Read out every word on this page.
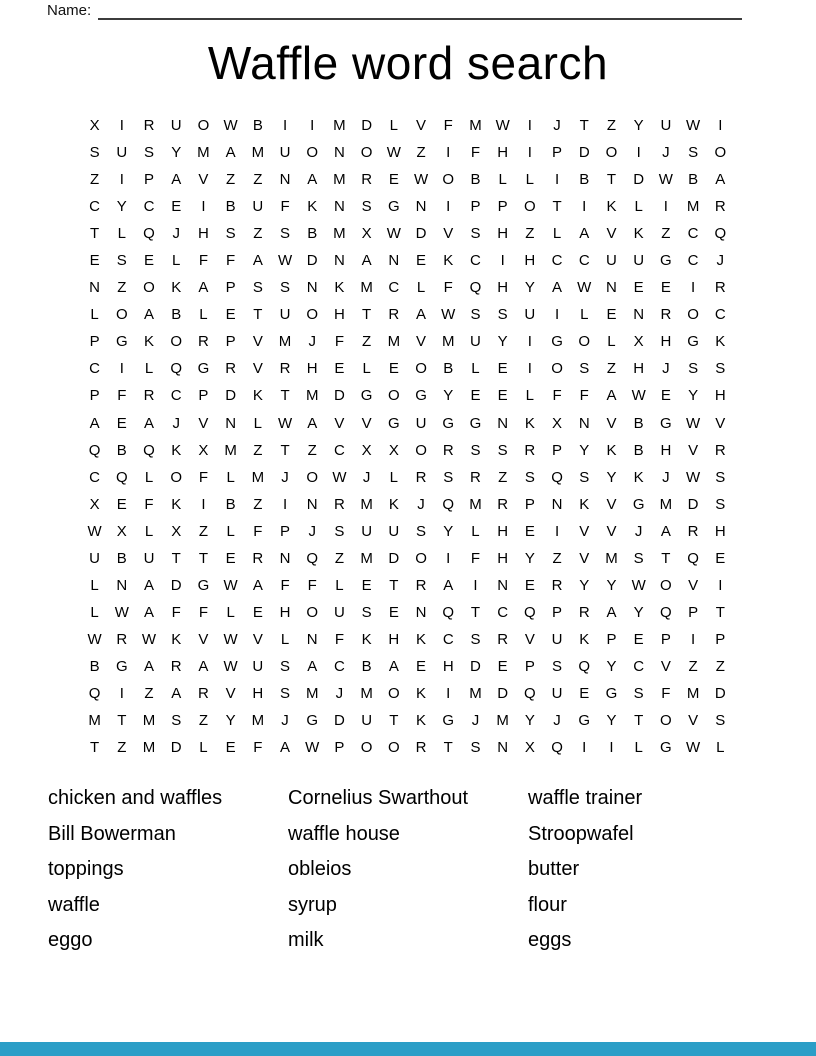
Name:
Waffle word search
X	I	R	U	O W	B	I	I	M	D	L	V	F	M W	I	J	T	Z	Y	U W	I
S	U	S	Y	M	A	M	U	O	N	O W	Z	I	F	H	I	P	D	O	I	J	S	O
Z	I	P	A	V	Z	Z	N	A	M	R	E	W O	B	L	L	I	B	T	D W	B	A
C	Y	C	E	I	B	U	F	K	N	S	G	N	I	P	P	O	T	I	K	L	I	M	R
T	L	Q	J	H	S	Z	S	B	M	X	W D	V	S	H	Z	L	A	V	K	Z	C	Q
E	S	E	L	F	F	A	W D	N	A	N	E	K	C	I	H	C	C	U	U	G	C	J
N	Z	O	K	A	P	S	S	N	K	M	C	L	F	Q	H	Y	A	W N	E	E	I	R
L	O	A	B	L	E	T	U	O	H	T	R	A	W	S	S	U	I	L	E	N	R	O	C
P	G	K	O	R	P	V	M	J	F	Z	M	V	M	U	Y	I	G	O	L	X	H	G	K
C	I	L	Q	G	R	V	R	H	E	L	E	O	B	L	E	I	O	S	Z	H	J	S	S
P	F	R	C	P	D	K	T	M	D	G	O	G	Y	E	E	L	F	F	A	W	E	Y	H
A	E	A	J	V	N	L	W	A	V	V	G	U	G	G	N	K	X	N	V	B	G W	V
Q	B	Q	K	X	M	Z	T	Z	C	X	X	O	R	S	S	R	P	Y	K	B	H	V	R
C	Q	L	O	F	L	M	J	O W	J	L	R	S	R	Z	S	Q	S	Y	K	J	W	S
X	E	F	K	I	B	Z	I	N	R	M	K	J	Q	M	R	P	N	K	V	G	M	D	S
W	X	L	X	Z	L	F	P	J	S	U	U	S	Y	L	H	E	I	V	V	J	A	R	H
U	B	U	T	T	E	R	N	Q	Z	M	D	O	I	F	H	Y	Z	V	M	S	T	Q	E
L	N	A	D	G W	A	F	F	L	E	T	R	A	I	N	E	R	Y	Y	W O	V	I
L	W	A	F	F	L	E	H	O	U	S	E	N	Q	T	C	Q	P	R	A	Y	Q	P	T
W R W	K	V	W	V	L	N	F	K	H	K	C	S	R	V	U	K	P	E	P	I	P
B	G	A	R	A	W U	S	A	C	B	A	E	H	D	E	P	S	Q	Y	C	V	Z	Z
Q	I	Z	A	R	V	H	S	M	J	M	O	K	I	M	D	Q	U	E	G	S	F	M	D
M	T	M	S	Z	Y	M	J	G	D	U	T	K	G	J	M	Y	J	G	Y	T	O	V	S
T	Z	M	D	L	E	F	A	W	P	O	O	R	T	S	N	X	Q	I	I	L	G W	L
chicken and waffles
Bill Bowerman
toppings
waffle
eggo
Cornelius Swarthout
waffle house
obleios
syrup
milk
waffle trainer
Stroopwafel
butter
flour
eggs
